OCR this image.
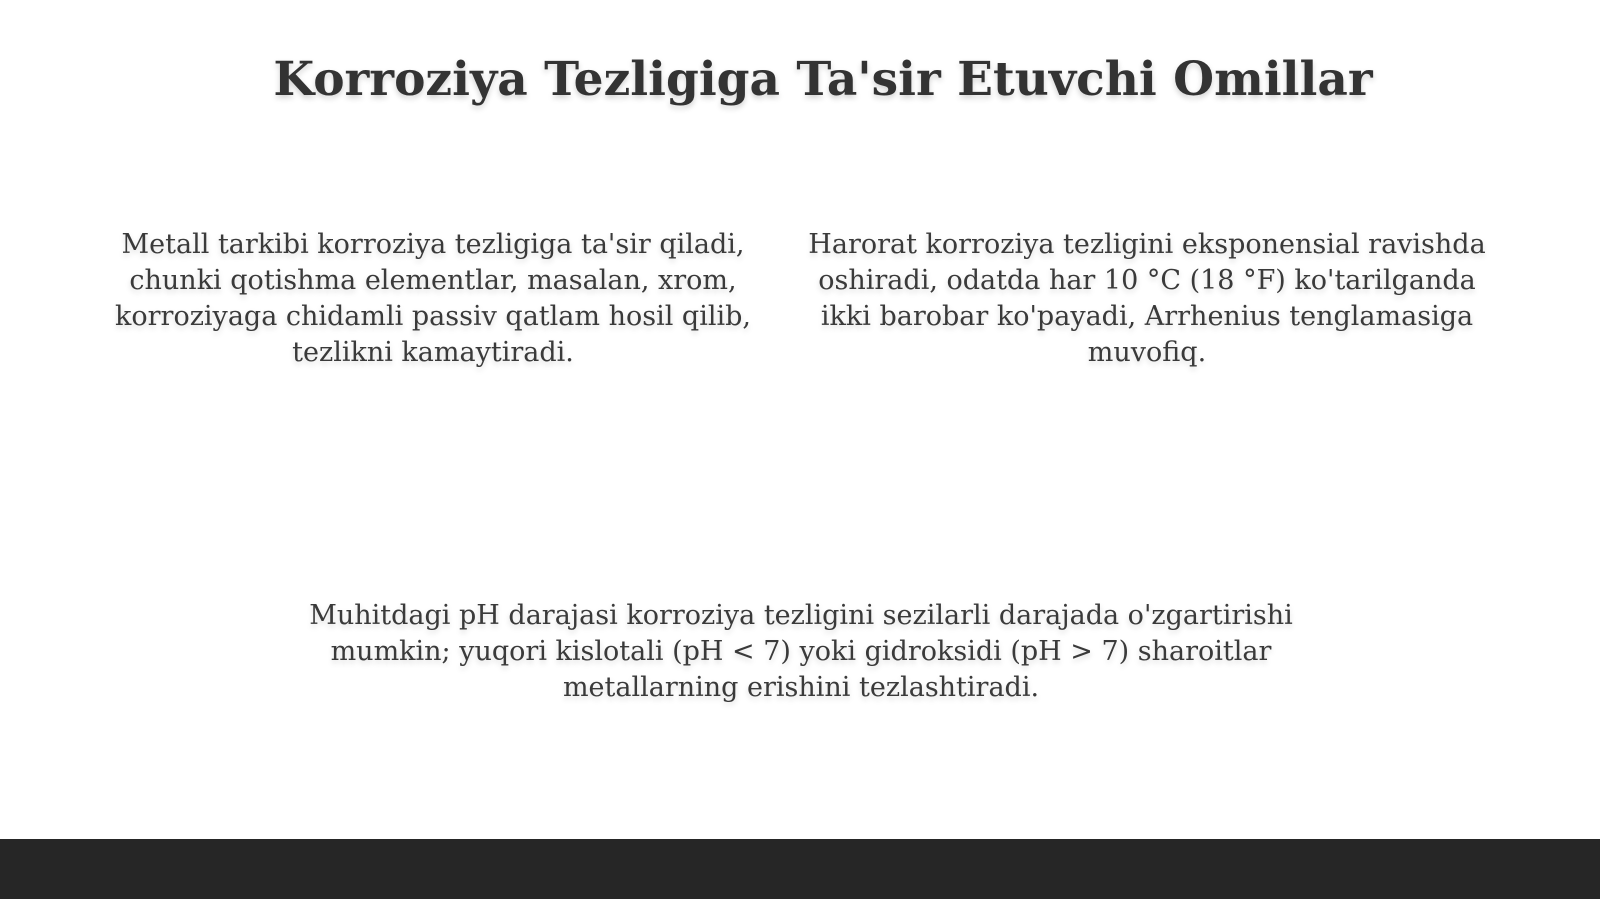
Korroziya Tezligiga Ta'sir Etuvchi Omillar

Metall tarkibi korroziya tezligiga ta'sir qiladi, chunki qotishma elementlar, masalan, xrom, korroziyaga chidamli passiv qatlam hosil qilib, tezlikni kamaytiradi.

Harorat korroziya tezligini eksponensial ravishda oshiradi, odatda har 10 °C (18 °F) ko'tarilganda ikki barobar ko'payadi, Arrhenius tenglamasiga muvofiq.

Muhitdagi pH darajasi korroziya tezligini sezilarli darajada o'zgartirishi mumkin; yuqori kislotali (pH < 7) yoki gidroksidi (pH > 7) sharoitlar metallarning erishini tezlashtiradi.
